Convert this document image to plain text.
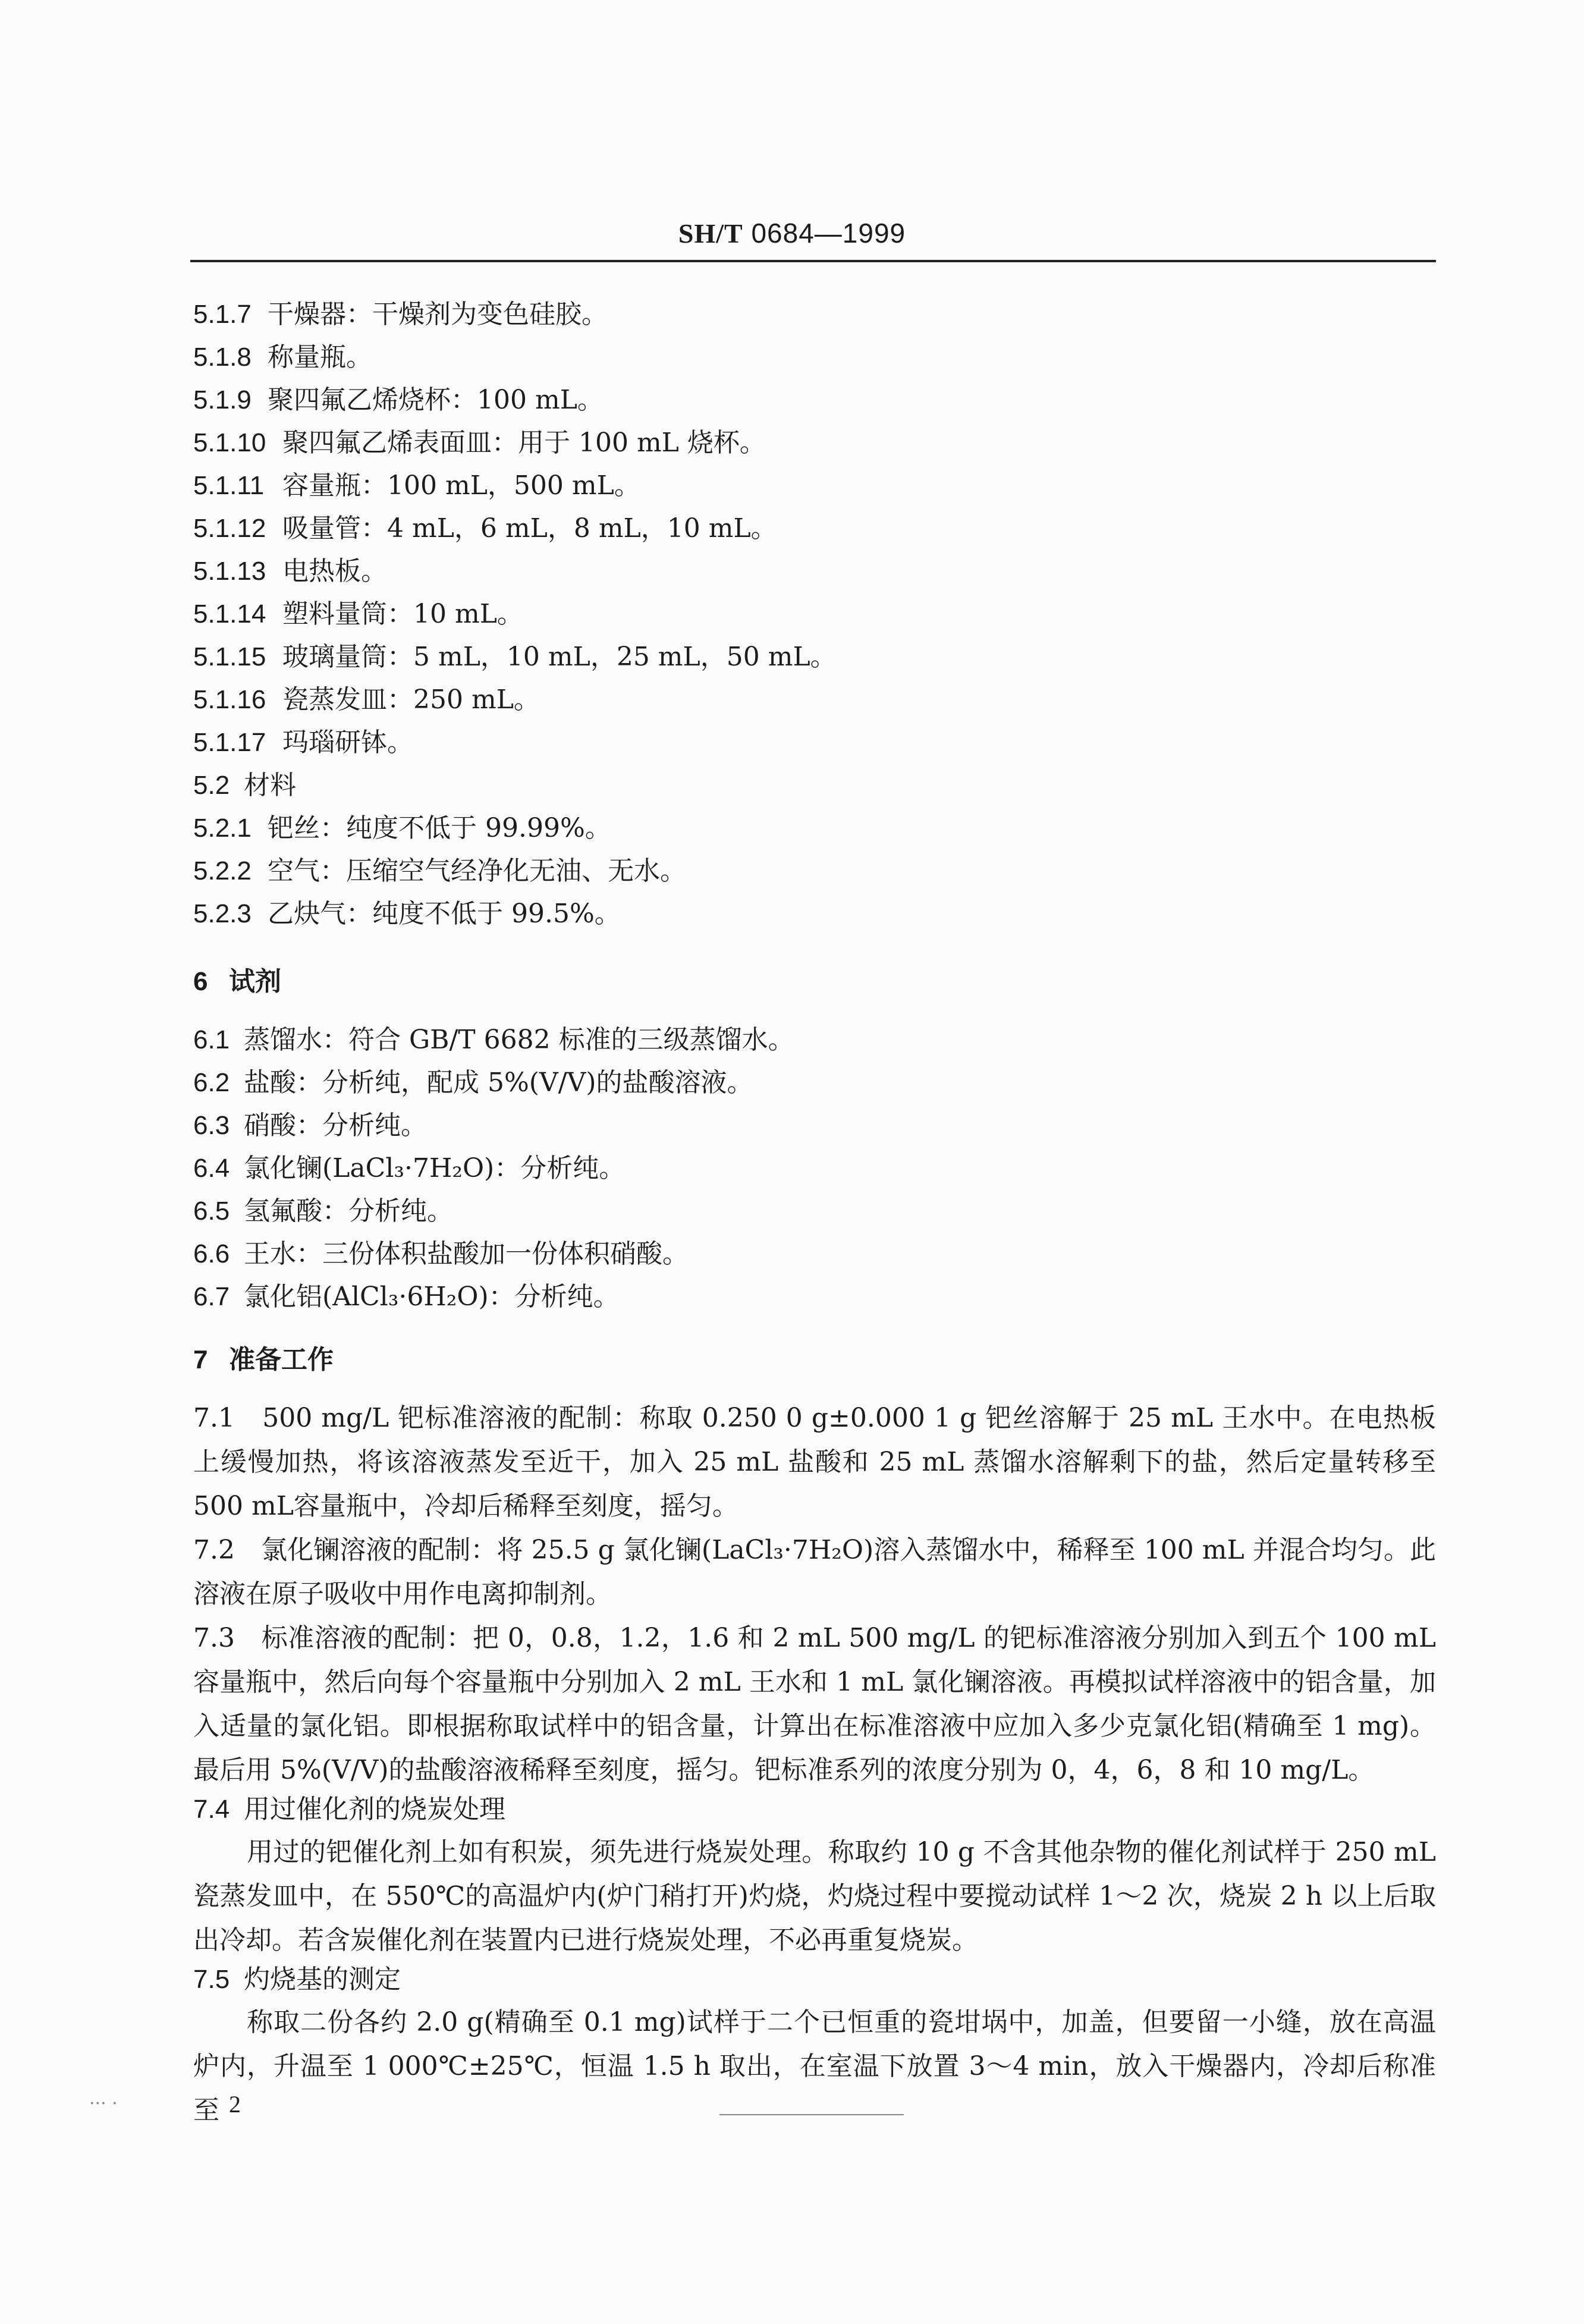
SH/T 0684—1999
5.1.7 干燥器：干燥剂为变色硅胶。
5.1.8 称量瓶。
5.1.9 聚四氟乙烯烧杯：100 mL。
5.1.10 聚四氟乙烯表面皿：用于 100 mL 烧杯。
5.1.11 容量瓶：100 mL，500 mL。
5.1.12 吸量管：4 mL，6 mL，8 mL，10 mL。
5.1.13 电热板。
5.1.14 塑料量筒：10 mL。
5.1.15 玻璃量筒：5 mL，10 mL，25 mL，50 mL。
5.1.16 瓷蒸发皿：250 mL。
5.1.17 玛瑙研钵。
5.2 材料
5.2.1 钯丝：纯度不低于 99.99%。
5.2.2 空气：压缩空气经净化无油、无水。
5.2.3 乙炔气：纯度不低于 99.5%。
6 试剂
6.1 蒸馏水：符合 GB/T 6682 标准的三级蒸馏水。
6.2 盐酸：分析纯，配成 5%(V/V)的盐酸溶液。
6.3 硝酸：分析纯。
6.4 氯化镧(LaCl₃·7H₂O)：分析纯。
6.5 氢氟酸：分析纯。
6.6 王水：三份体积盐酸加一份体积硝酸。
6.7 氯化铝(AlCl₃·6H₂O)：分析纯。
7 准备工作
7.1　500 mg/L 钯标准溶液的配制：称取 0.250 0 g±0.000 1 g 钯丝溶解于 25 mL 王水中。在电热板上缓慢加热，将该溶液蒸发至近干，加入 25 mL 盐酸和 25 mL 蒸馏水溶解剩下的盐，然后定量转移至 500 mL容量瓶中，冷却后稀释至刻度，摇匀。
7.2　氯化镧溶液的配制：将 25.5 g 氯化镧(LaCl₃·7H₂O)溶入蒸馏水中，稀释至 100 mL 并混合均匀。此溶液在原子吸收中用作电离抑制剂。
7.3　标准溶液的配制：把 0，0.8，1.2，1.6 和 2 mL 500 mg/L 的钯标准溶液分别加入到五个 100 mL 容量瓶中，然后向每个容量瓶中分别加入 2 mL 王水和 1 mL 氯化镧溶液。再模拟试样溶液中的铝含量，加入适量的氯化铝。即根据称取试样中的铝含量，计算出在标准溶液中应加入多少克氯化铝(精确至 1 mg)。最后用 5%(V/V)的盐酸溶液稀释至刻度，摇匀。钯标准系列的浓度分别为 0，4，6，8 和 10 mg/L。
7.4 用过催化剂的烧炭处理
用过的钯催化剂上如有积炭，须先进行烧炭处理。称取约 10 g 不含其他杂物的催化剂试样于 250 mL瓷蒸发皿中，在 550℃的高温炉内(炉门稍打开)灼烧，灼烧过程中要搅动试样 1～2 次，烧炭 2 h 以上后取出冷却。若含炭催化剂在装置内已进行烧炭处理，不必再重复烧炭。
7.5 灼烧基的测定
称取二份各约 2.0 g(精确至 0.1 mg)试样于二个已恒重的瓷坩埚中，加盖，但要留一小缝，放在高温炉内，升温至 1 000℃±25℃，恒温 1.5 h 取出，在室温下放置 3～4 min，放入干燥器内，冷却后称准至 2
··· ·
